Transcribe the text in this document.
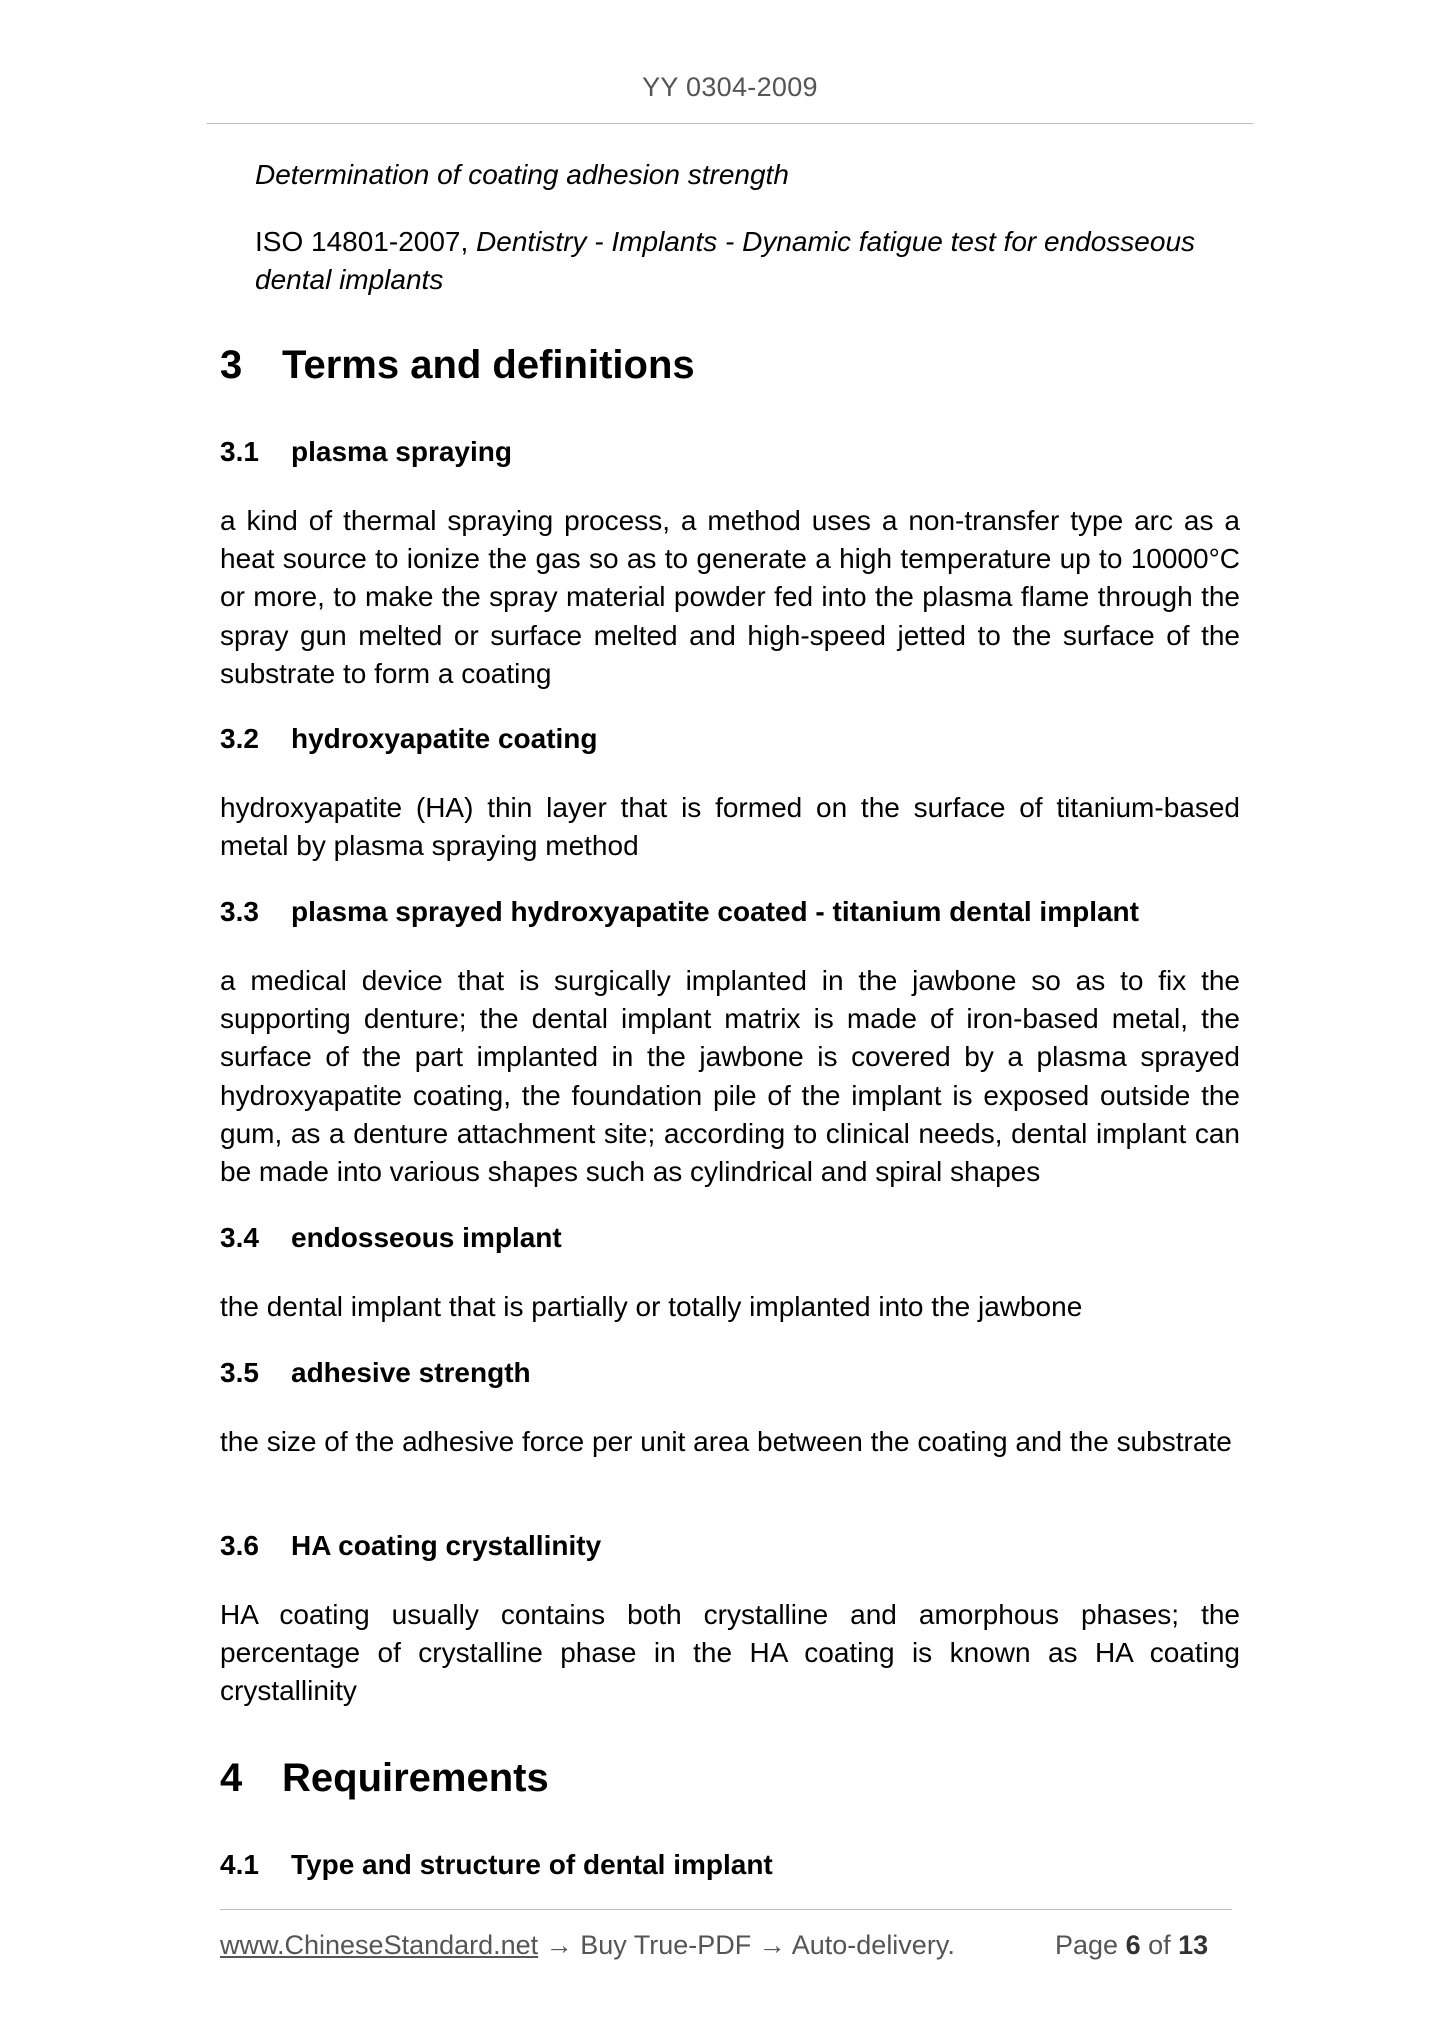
YY 0304-2009
Determination of coating adhesion strength
ISO 14801-2007, Dentistry - Implants - Dynamic fatigue test for endosseous dental implants
3 Terms and definitions
3.1 plasma spraying
a kind of thermal spraying process, a method uses a non-transfer type arc as a heat source to ionize the gas so as to generate a high temperature up to 10000°C or more, to make the spray material powder fed into the plasma flame through the spray gun melted or surface melted and high-speed jetted to the surface of the substrate to form a coating
3.2 hydroxyapatite coating
hydroxyapatite (HA) thin layer that is formed on the surface of titanium-based metal by plasma spraying method
3.3 plasma sprayed hydroxyapatite coated - titanium dental implant
a medical device that is surgically implanted in the jawbone so as to fix the supporting denture; the dental implant matrix is made of iron-based metal, the surface of the part implanted in the jawbone is covered by a plasma sprayed hydroxyapatite coating, the foundation pile of the implant is exposed outside the gum, as a denture attachment site; according to clinical needs, dental implant can be made into various shapes such as cylindrical and spiral shapes
3.4 endosseous implant
the dental implant that is partially or totally implanted into the jawbone
3.5 adhesive strength
the size of the adhesive force per unit area between the coating and the substrate
3.6 HA coating crystallinity
HA coating usually contains both crystalline and amorphous phases; the percentage of crystalline phase in the HA coating is known as HA coating crystallinity
4 Requirements
4.1 Type and structure of dental implant
www.ChineseStandard.net → Buy True-PDF → Auto-delivery.	Page 6 of 13
